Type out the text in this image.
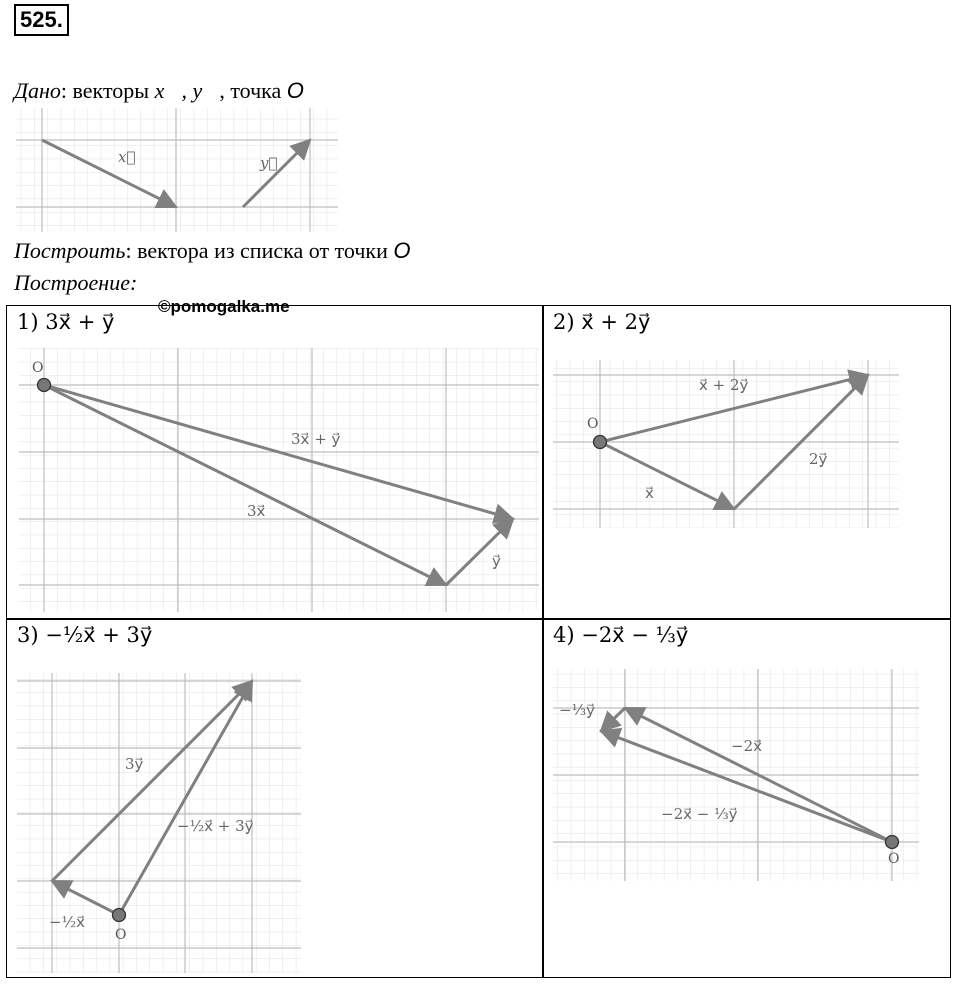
525.
Дано: векторы x⃗, y⃗, точка O
x⃗	y⃗
Построить: вектора из списка от точки O
Построение:
©pomogalka.me
1) 3x⃗ + y⃗
O
3x⃗ + y⃗
3x⃗
y⃗
2) x⃗ + 2y⃗
O
x⃗ + 2y⃗
2y⃗
x⃗
3) −½x⃗ + 3y⃗
O
3y⃗
−½x⃗ + 3y⃗
−½x⃗
4) −2x⃗ − ⅓y⃗
O
−⅓y⃗
−2x⃗
−2x⃗ − ⅓y⃗
